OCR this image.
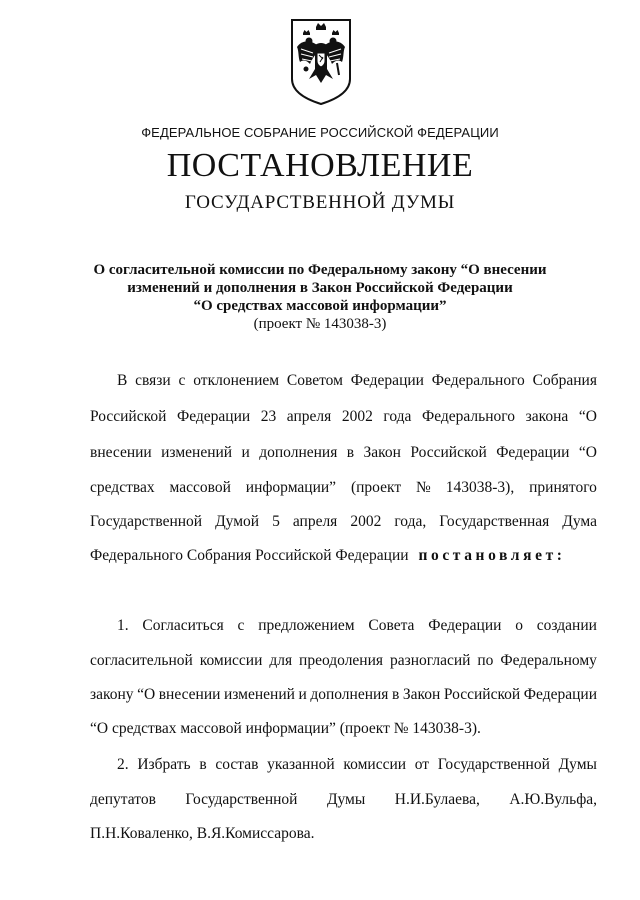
ФЕДЕРАЛЬНОЕ СОБРАНИЕ РОССИЙСКОЙ ФЕДЕРАЦИИ
ПОСТАНОВЛЕНИЕ
ГОСУДАРСТВЕННОЙ ДУМЫ
О согласительной комиссии по Федеральному закону “О внесении
изменений и дополнения в Закон Российской Федерации
“О средствах массовой информации”
(проект № 143038-3)
В связи с отклонением Советом Федерации Федерального Собрания
Российской Федерации 23 апреля 2002 года Федерального закона “О
внесении изменений и дополнения в Закон Российской Федерации “О
средствах массовой информации” (проект № 143038-3), принятого
Государственной Думой 5 апреля 2002 года, Государственная Дума
Федерального Собрания Российской Федерации постановляет:
1. Согласиться с предложением Совета Федерации о создании
согласительной комиссии для преодоления разногласий по Федеральному
закону “О внесении изменений и дополнения в Закон Российской Федерации
“О средствах массовой информации” (проект № 143038-3).
2. Избрать в состав указанной комиссии от Государственной Думы
депутатов Государственной Думы Н.И.Булаева, А.Ю.Вульфа,
П.Н.Коваленко, В.Я.Комиссарова.
